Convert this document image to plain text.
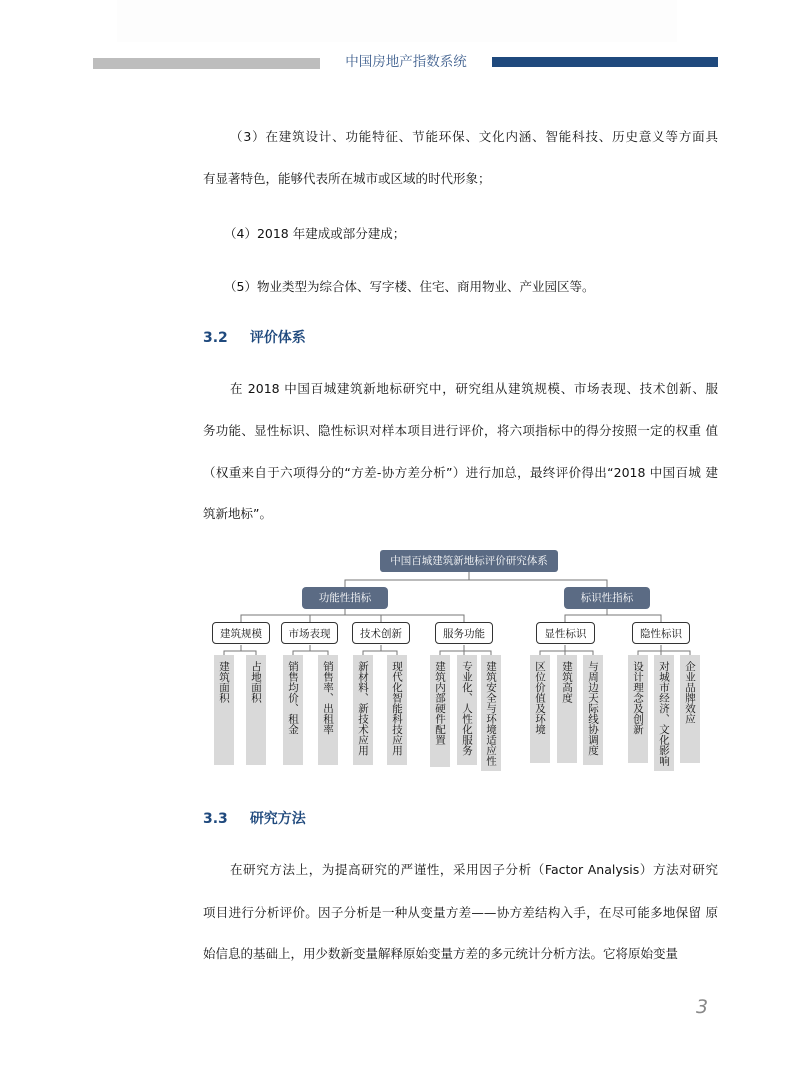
中国房地产指数系统
（3）在建筑设计、功能特征、节能环保、文化内涵、智能科技、历史意义等方面具
有显著特色，能够代表所在城市或区域的时代形象；
（4）2018 年建成或部分建成；
（5）物业类型为综合体、写字楼、住宅、商用物业、产业园区等。
3.2 评价体系
在 2018 中国百城建筑新地标研究中，研究组从建筑规模、市场表现、技术创新、服
务功能、显性标识、隐性标识对样本项目进行评价，将六项指标中的得分按照一定的权重 值
（权重来自于六项得分的“方差-协方差分析”）进行加总，最终评价得出“2018 中国百城 建
筑新地标”。
中国百城建筑新地标评价研究体系
功能性指标	标识性指标
建筑规模	市场表现	技术创新	服务功能	显性标识	隐性标识
建筑面积	占地面积	销售均价、租金	销售率、出租率	新材料、新技术应用	现代化智能科技应用	建筑内部硬件配置	专业化、人性化服务	建筑安全与环境适应性	区位价值及环境	建筑高度	与周边天际线协调度	设计理念及创新	对城市经济、文化影响	企业品牌效应
3.3 研究方法
在研究方法上，为提高研究的严谨性，采用因子分析（Factor Analysis）方法对研究
项目进行分析评价。因子分析是一种从变量方差——协方差结构入手，在尽可能多地保留 原
始信息的基础上，用少数新变量解释原始变量方差的多元统计分析方法。它将原始变量
3
